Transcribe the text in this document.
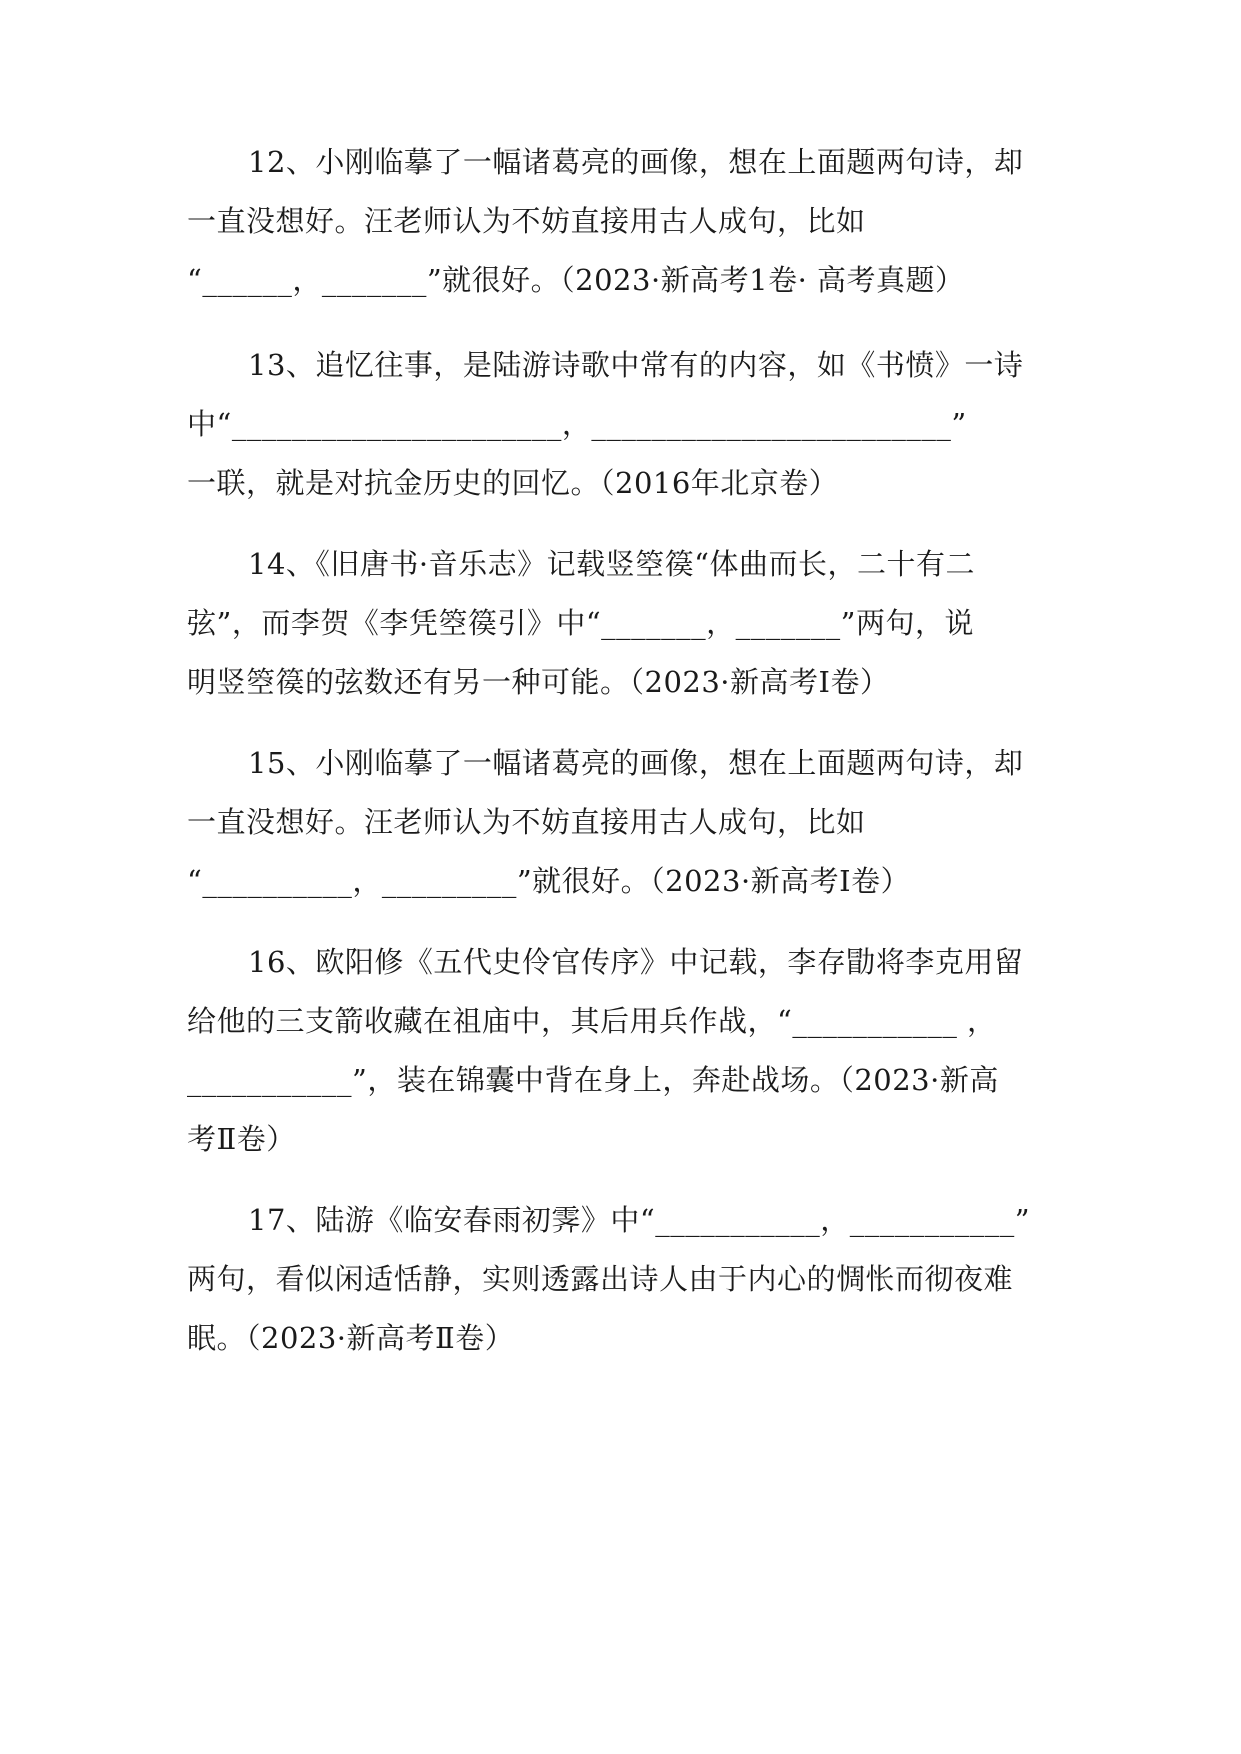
12、小刚临摹了一幅诸葛亮的画像，想在上面题两句诗，却
一直没想好。汪老师认为不妨直接用古人成句，比如
“______，_______”就很好。（2023·新高考1卷· 高考真题）
13、追忆往事，是陆游诗歌中常有的内容，如《书愤》一诗
中“______________________，________________________”
一联，就是对抗金历史的回忆。（2016年北京卷）
14、《旧唐书·音乐志》记载竖箜篌“体曲而长，二十有二
弦”，而李贺《李凭箜篌引》中“_______，_______”两句，说
明竖箜篌的弦数还有另一种可能。（2023·新高考Ⅰ卷）
15、小刚临摹了一幅诸葛亮的画像，想在上面题两句诗，却
一直没想好。汪老师认为不妨直接用古人成句，比如
“__________，_________”就很好。（2023·新高考Ⅰ卷）
16、欧阳修《五代史伶官传序》中记载，李存勖将李克用留
给他的三支箭收藏在祖庙中，其后用兵作战，“___________ ，
___________”，装在锦囊中背在身上，奔赴战场。（2023·新高
考Ⅱ卷）
17、陆游《临安春雨初霁》中“___________，___________”
两句，看似闲适恬静，实则透露出诗人由于内心的惆怅而彻夜难
眠。（2023·新高考Ⅱ卷）
